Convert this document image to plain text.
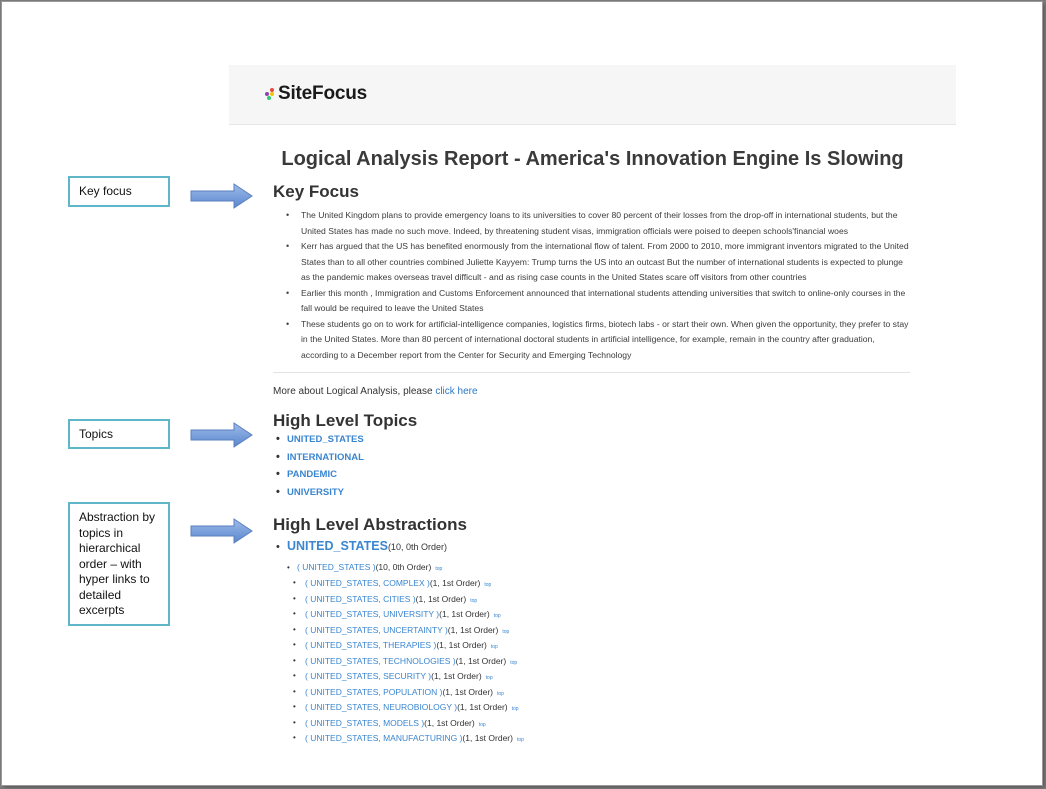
Key focus
Topics
Abstraction by topics in hierarchical order – with hyper links to detailed excerpts
SiteFocus
Logical Analysis Report - America's Innovation Engine Is Slowing
Key Focus
• The United Kingdom plans to provide emergency loans to its universities to cover 80 percent of their losses from the drop-off in international students, but the United States has made no such move. Indeed, by threatening student visas, immigration officials were poised to deepen schools'financial woes
• Kerr has argued that the US has benefited enormously from the international flow of talent. From 2000 to 2010, more immigrant inventors migrated to the United States than to all other countries combined Juliette Kayyem: Trump turns the US into an outcast But the number of international students is expected to plunge as the pandemic makes overseas travel difficult - and as rising case counts in the United States scare off visitors from other countries
• Earlier this month , Immigration and Customs Enforcement announced that international students attending universities that switch to online-only courses in the fall would be required to leave the United States
• These students go on to work for artificial-intelligence companies, logistics firms, biotech labs - or start their own. When given the opportunity, they prefer to stay in the United States. More than 80 percent of international doctoral students in artificial intelligence, for example, remain in the country after graduation, according to a December report from the Center for Security and Emerging Technology
More about Logical Analysis, please click here
High Level Topics
• UNITED_STATES
• INTERNATIONAL
• PANDEMIC
• UNIVERSITY
High Level Abstractions
• UNITED_STATES(10, 0th Order)
• ( UNITED_STATES )(10, 0th Order) top
• ( UNITED_STATES, COMPLEX )(1, 1st Order) top
• ( UNITED_STATES, CITIES )(1, 1st Order) top
• ( UNITED_STATES, UNIVERSITY )(1, 1st Order) top
• ( UNITED_STATES, UNCERTAINTY )(1, 1st Order) top
• ( UNITED_STATES, THERAPIES )(1, 1st Order) top
• ( UNITED_STATES, TECHNOLOGIES )(1, 1st Order) top
• ( UNITED_STATES, SECURITY )(1, 1st Order) top
• ( UNITED_STATES, POPULATION )(1, 1st Order) top
• ( UNITED_STATES, NEUROBIOLOGY )(1, 1st Order) top
• ( UNITED_STATES, MODELS )(1, 1st Order) top
• ( UNITED_STATES, MANUFACTURING )(1, 1st Order) top
